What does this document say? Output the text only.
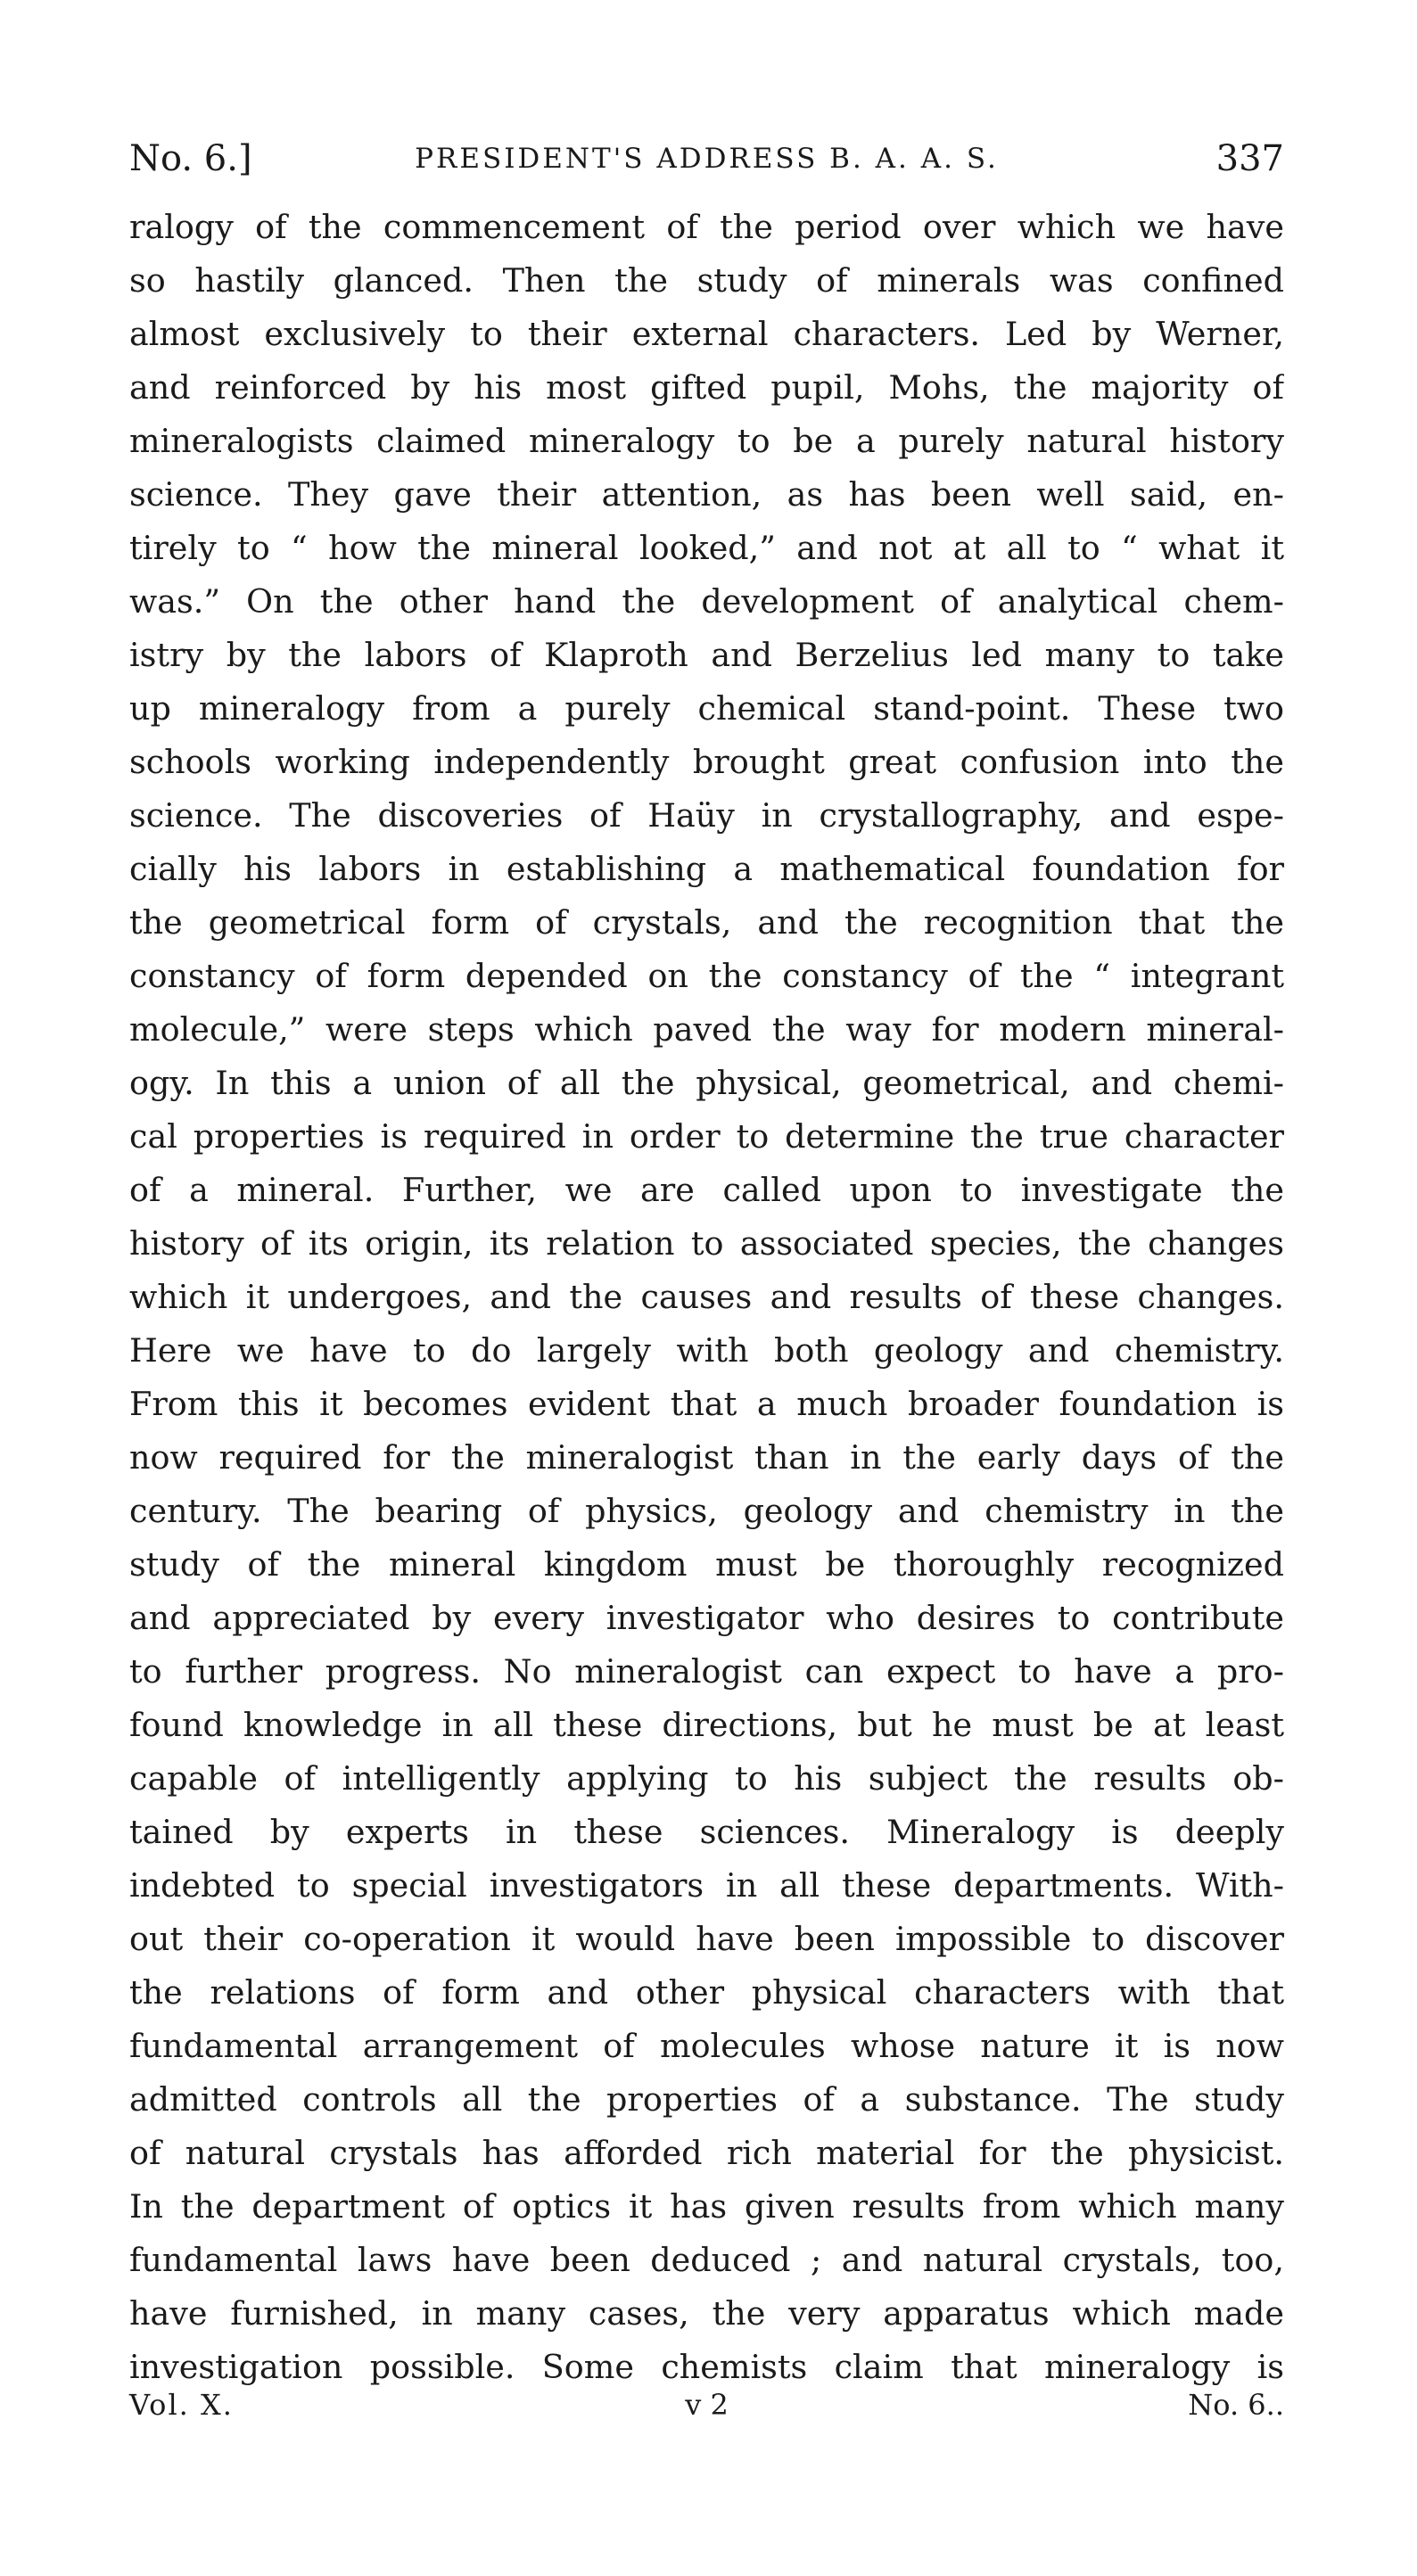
No. 6.]	PRESIDENT'S ADDRESS B. A. A. S.	337
ralogy of the commencement of the period over which we have
so hastily glanced. Then the study of minerals was confined
almost exclusively to their external characters. Led by Werner,
and reinforced by his most gifted pupil, Mohs, the majority of
mineralogists claimed mineralogy to be a purely natural history
science. They gave their attention, as has been well said, en-
tirely to “ how the mineral looked,” and not at all to “ what it
was.” On the other hand the development of analytical chem-
istry by the labors of Klaproth and Berzelius led many to take
up mineralogy from a purely chemical stand-point. These two
schools working independently brought great confusion into the
science. The discoveries of Haüy in crystallography, and espe-
cially his labors in establishing a mathematical foundation for
the geometrical form of crystals, and the recognition that the
constancy of form depended on the constancy of the “ integrant
molecule,” were steps which paved the way for modern mineral-
ogy. In this a union of all the physical, geometrical, and chemi-
cal properties is required in order to determine the true character
of a mineral. Further, we are called upon to investigate the
history of its origin, its relation to associated species, the changes
which it undergoes, and the causes and results of these changes.
Here we have to do largely with both geology and chemistry.
From this it becomes evident that a much broader foundation is
now required for the mineralogist than in the early days of the
century. The bearing of physics, geology and chemistry in the
study of the mineral kingdom must be thoroughly recognized
and appreciated by every investigator who desires to contribute
to further progress. No mineralogist can expect to have a pro-
found knowledge in all these directions, but he must be at least
capable of intelligently applying to his subject the results ob-
tained by experts in these sciences. Mineralogy is deeply
indebted to special investigators in all these departments. With-
out their co-operation it would have been impossible to discover
the relations of form and other physical characters with that
fundamental arrangement of molecules whose nature it is now
admitted controls all the properties of a substance. The study
of natural crystals has afforded rich material for the physicist.
In the department of optics it has given results from which many
fundamental laws have been deduced ; and natural crystals, too,
have furnished, in many cases, the very apparatus which made
investigation possible. Some chemists claim that mineralogy is
Vol. X.	v 2	No. 6..
